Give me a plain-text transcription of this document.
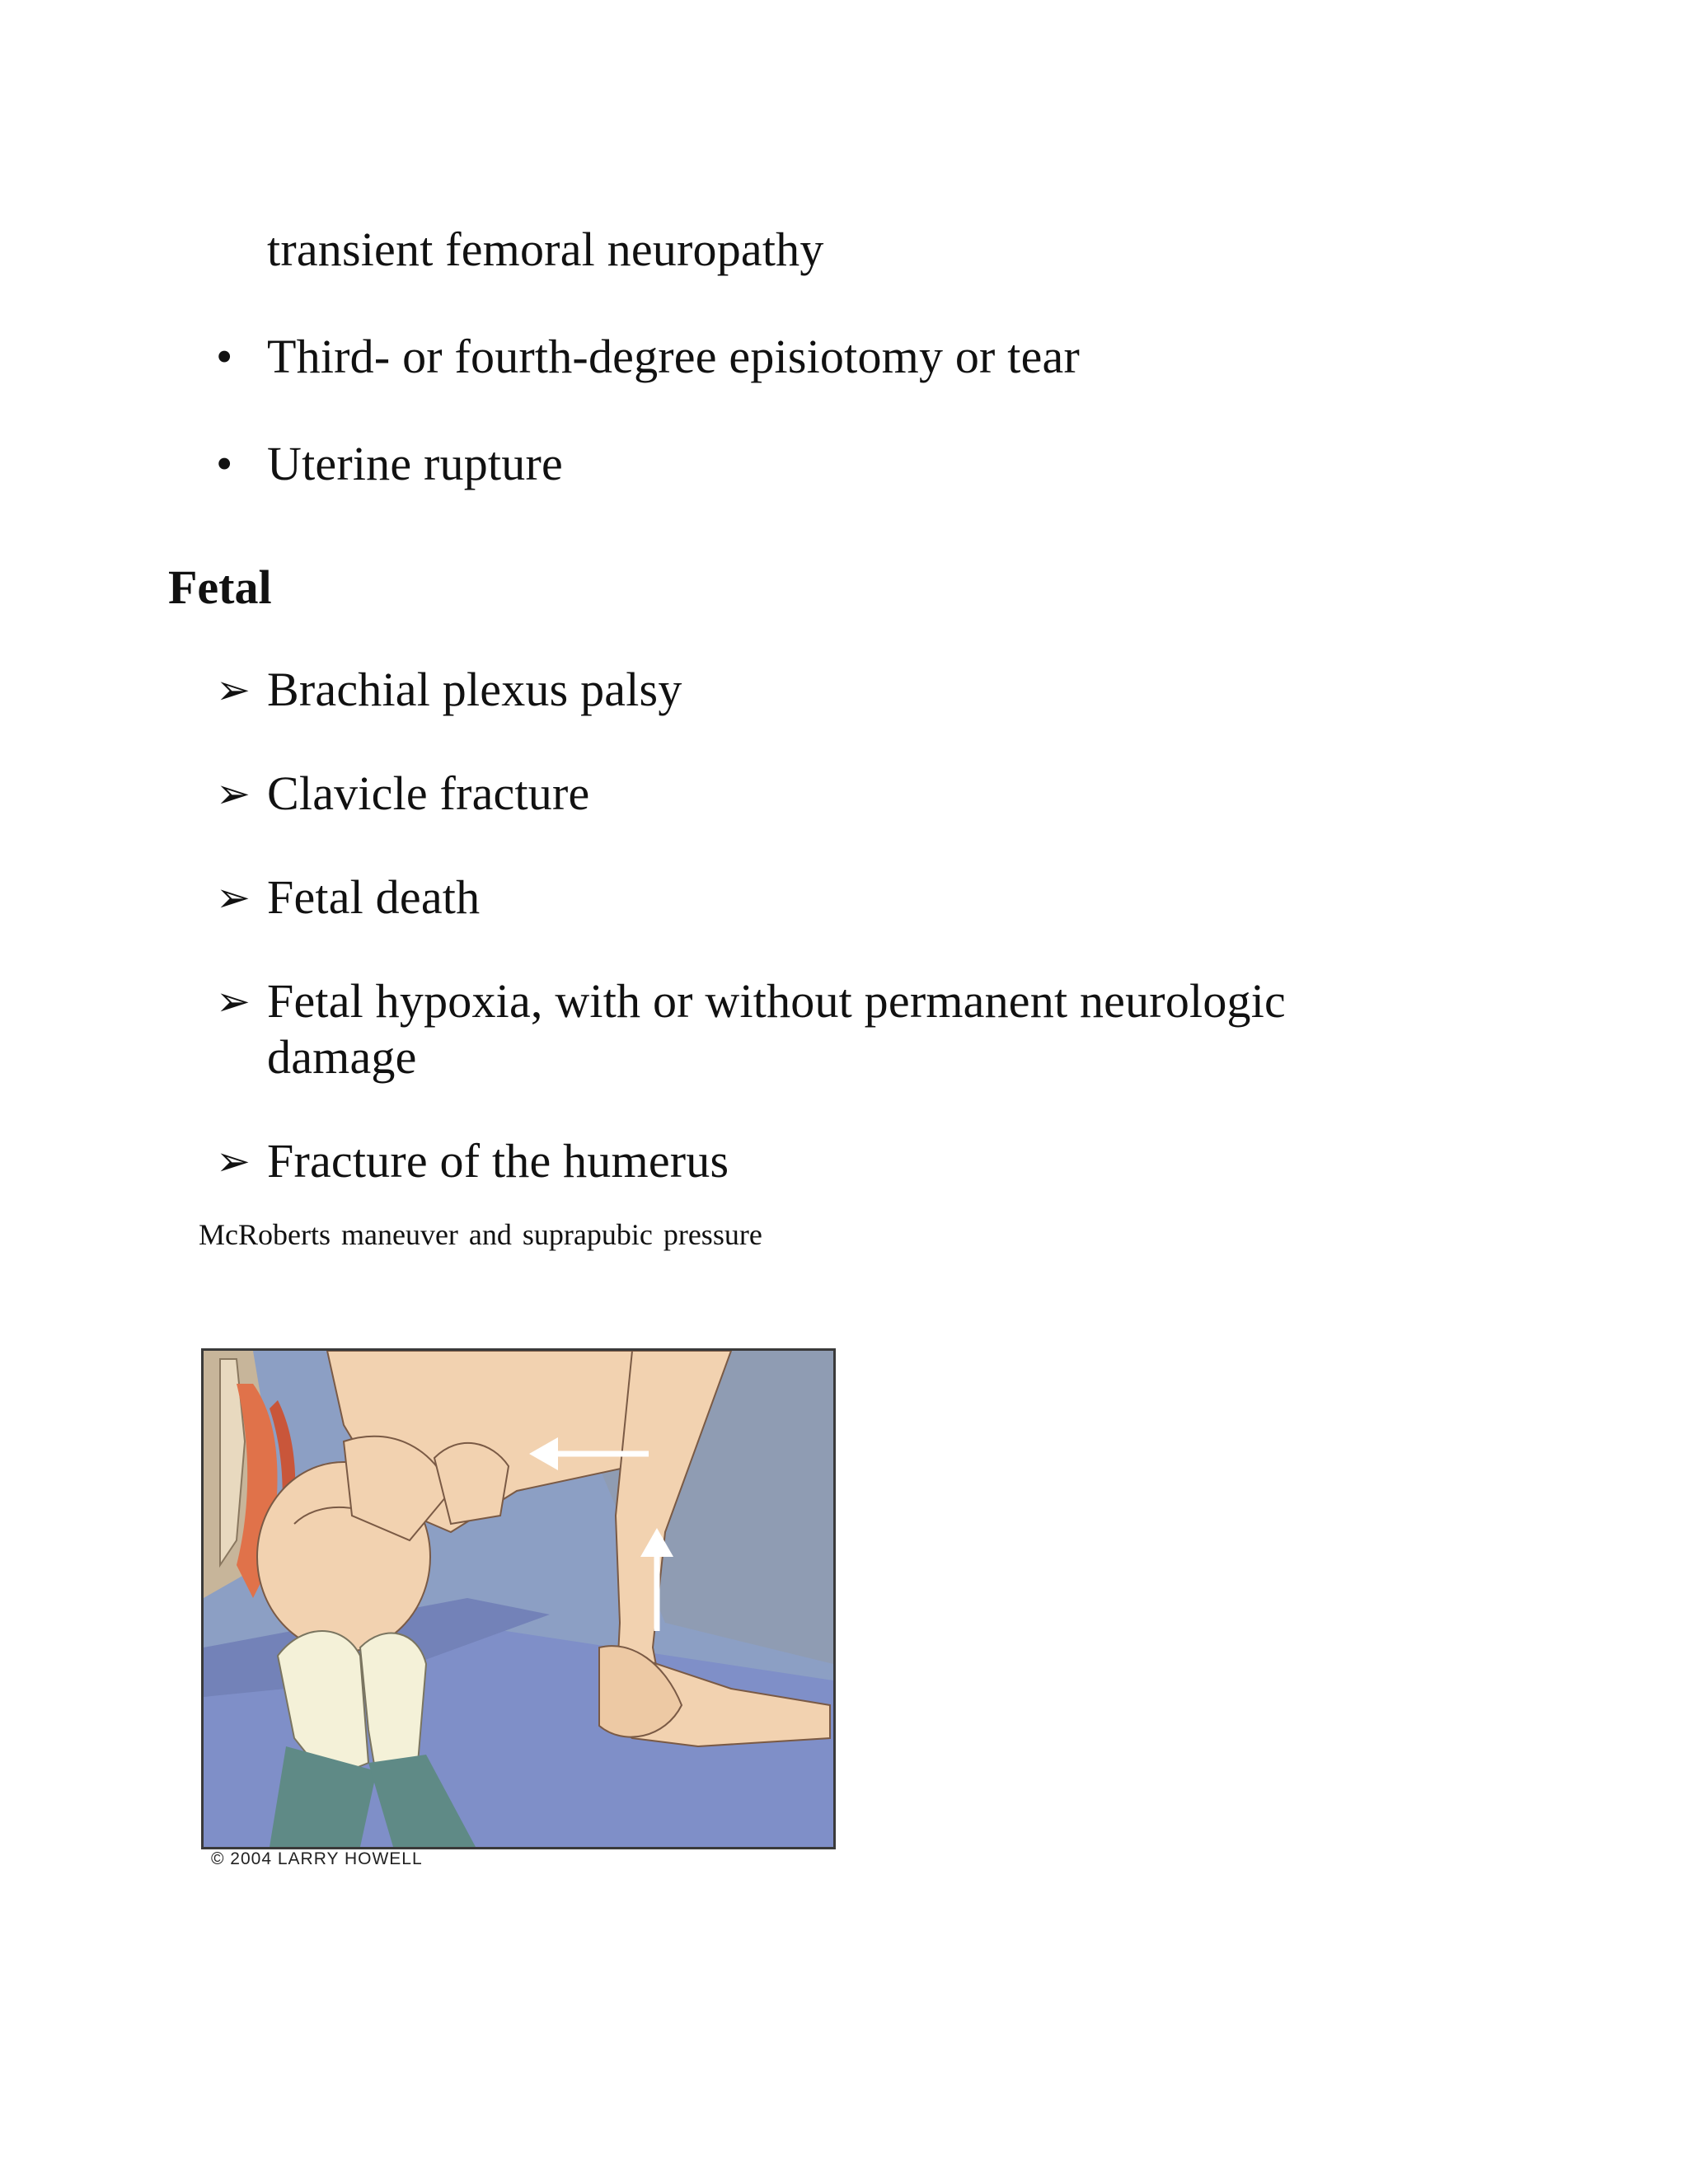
transient femoral neuropathy
• Third- or fourth-degree episiotomy or tear
• Uterine rupture
Fetal
➢ Brachial plexus palsy
➢ Clavicle fracture
➢ Fetal death
➢ Fetal hypoxia, with or without permanent neurologic
damage
➢ Fracture of the humerus
McRoberts maneuver and suprapubic pressure
© 2004 LARRY HOWELL
